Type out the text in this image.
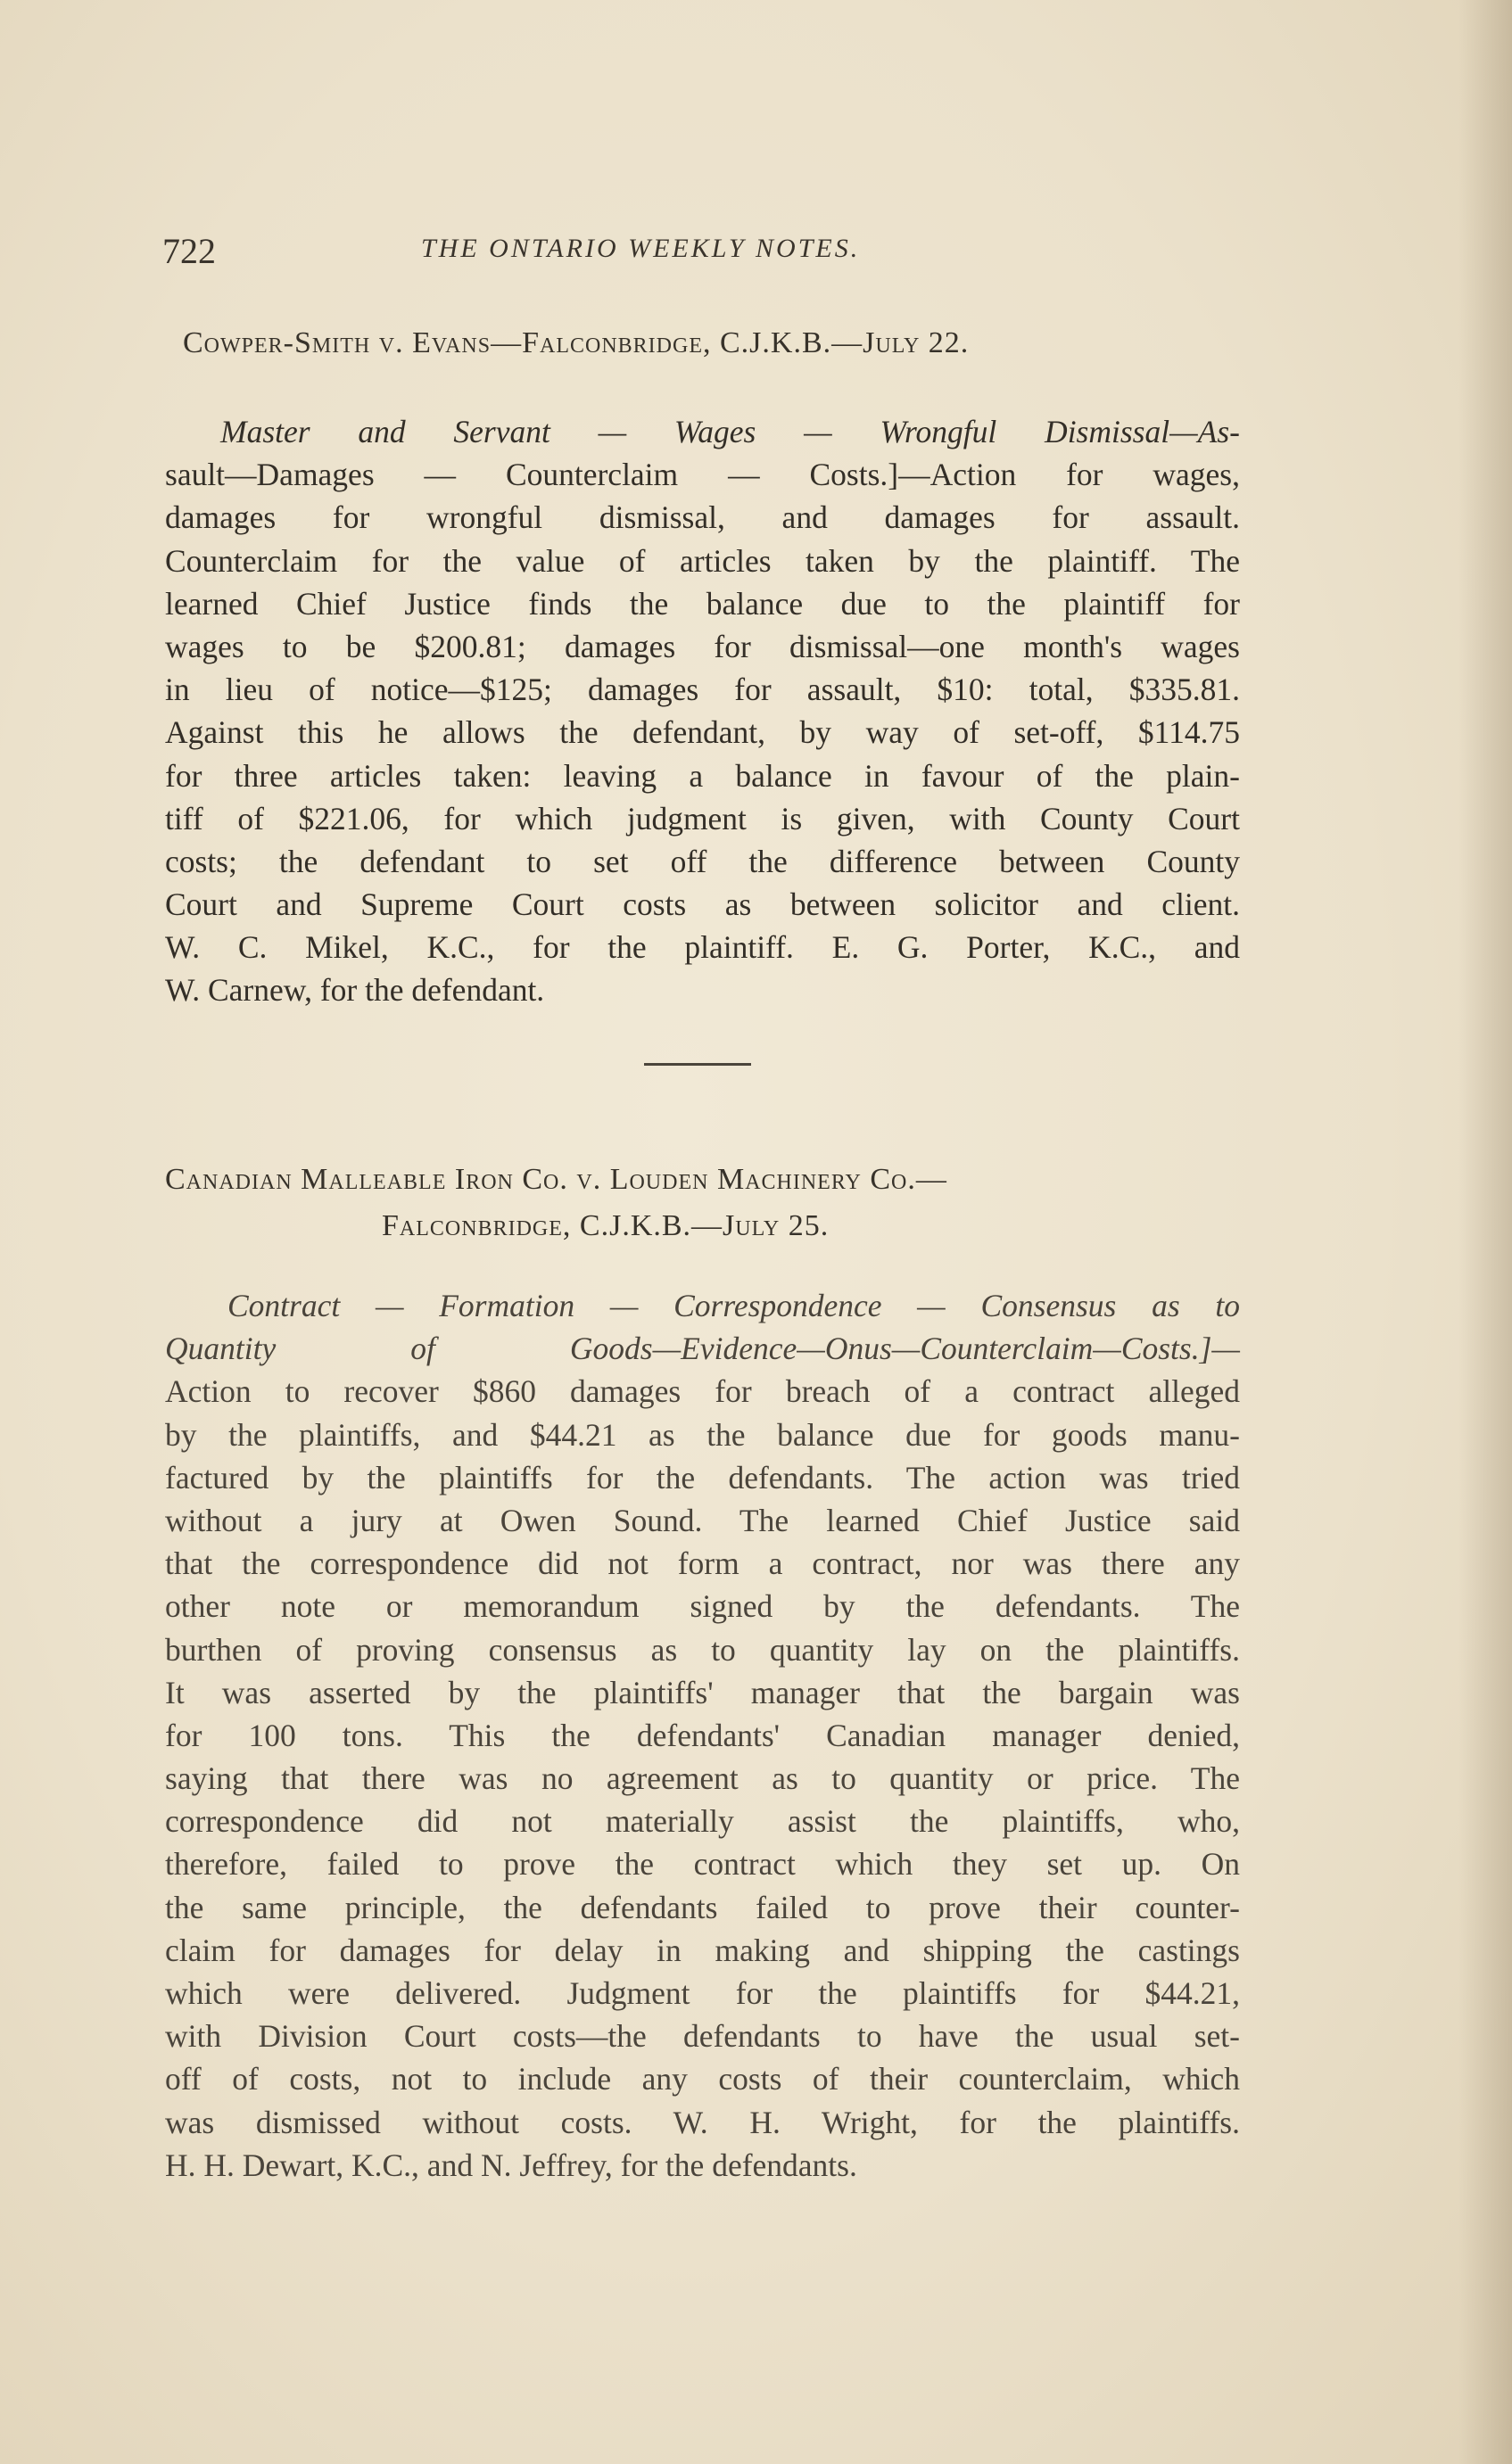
722	THE ONTARIO WEEKLY NOTES.
Cowper-Smith v. Evans—Falconbridge, C.J.K.B.—July 22.
Master and Servant — Wages — Wrongful Dismissal—As-
sault—Damages — Counterclaim — Costs.]—Action for wages,
damages for wrongful dismissal, and damages for assault.
Counterclaim for the value of articles taken by the plaintiff. The
learned Chief Justice finds the balance due to the plaintiff for
wages to be $200.81; damages for dismissal—one month's wages
in lieu of notice—$125; damages for assault, $10: total, $335.81.
Against this he allows the defendant, by way of set-off, $114.75
for three articles taken: leaving a balance in favour of the plain-
tiff of $221.06, for which judgment is given, with County Court
costs; the defendant to set off the difference between County
Court and Supreme Court costs as between solicitor and client.
W. C. Mikel, K.C., for the plaintiff. E. G. Porter, K.C., and
W. Carnew, for the defendant.
Canadian Malleable Iron Co. v. Louden Machinery Co.—
Falconbridge, C.J.K.B.—July 25.
Contract — Formation — Correspondence — Consensus as to
Quantity of Goods—Evidence—Onus—Counterclaim—Costs.]—
Action to recover $860 damages for breach of a contract alleged
by the plaintiffs, and $44.21 as the balance due for goods manu-
factured by the plaintiffs for the defendants. The action was tried
without a jury at Owen Sound. The learned Chief Justice said
that the correspondence did not form a contract, nor was there any
other note or memorandum signed by the defendants. The
burthen of proving consensus as to quantity lay on the plaintiffs.
It was asserted by the plaintiffs' manager that the bargain was
for 100 tons. This the defendants' Canadian manager denied,
saying that there was no agreement as to quantity or price. The
correspondence did not materially assist the plaintiffs, who,
therefore, failed to prove the contract which they set up. On
the same principle, the defendants failed to prove their counter-
claim for damages for delay in making and shipping the castings
which were delivered. Judgment for the plaintiffs for $44.21,
with Division Court costs—the defendants to have the usual set-
off of costs, not to include any costs of their counterclaim, which
was dismissed without costs. W. H. Wright, for the plaintiffs.
H. H. Dewart, K.C., and N. Jeffrey, for the defendants.
